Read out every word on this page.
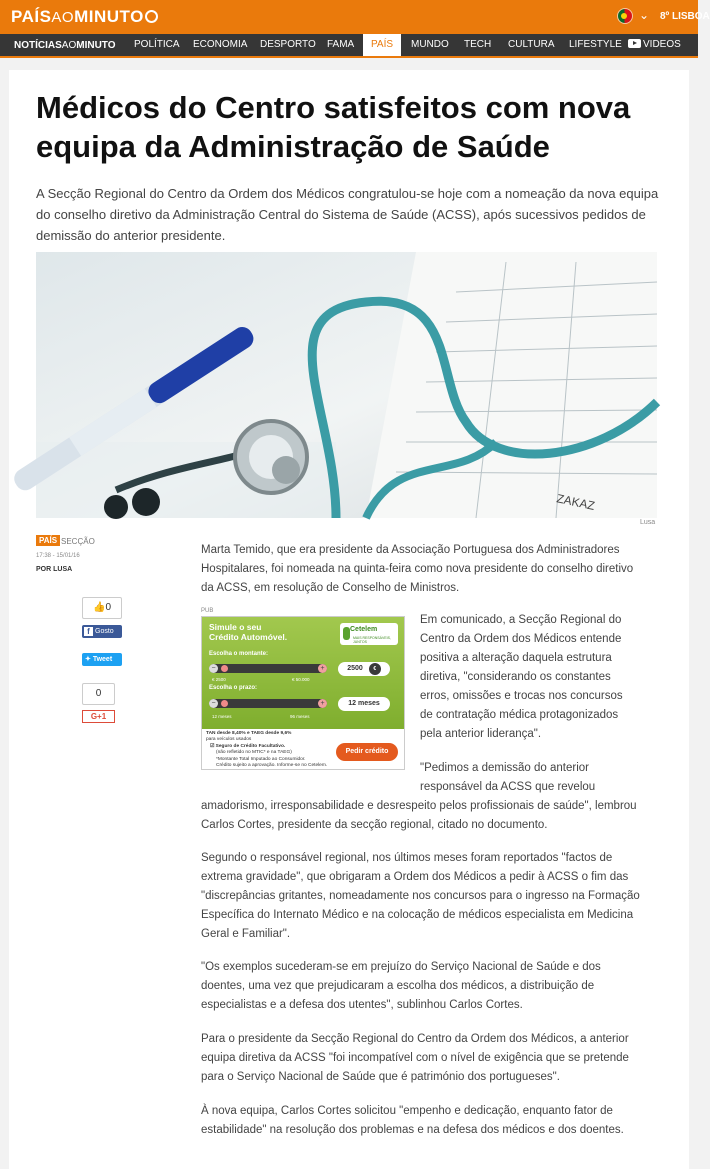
PAÍSAOMINUTO	⌄ 8º LISBOA
NOTÍCIASAOMINUTO POLÍTICA ECONOMIA DESPORTO FAMA	PAÍS	MUNDO TECH CULTURA LIFESTYLE	VIDEOS
Médicos do Centro satisfeitos com nova equipa da Administração de Saúde

A Secção Regional do Centro da Ordem dos Médicos congratulou-se hoje com a nomeação da nova equipa do conselho diretivo da Administração Central do Sistema de Saúde (ACSS), após sucessivos pedidos de demissão do anterior presidente.

ZAKAZ
Lusa
PAÍS SECÇÃO
17:38 - 15/01/16
POR LUSA
👍0
f Gosto
✦ Tweet
0
G+1

Marta Temido, que era presidente da Associação Portuguesa dos Administradores Hospitalares, foi nomeada na quinta-feira como nova presidente do conselho diretivo da ACSS, em resolução de Conselho de Ministros.

PUB
Simule o seu
Crédito Automóvel.
Cetelem
MAIS RESPONSÁVEIS, JUNTOS
Escolha o montante:
−	+	2500 €
€ 2500	€ 50.000
Escolha o prazo:
−	+	12 meses
12 meses	96 meses
TAN desde 8,40% e TAEG desde 9,6%
para veículos usados
☑ Seguro de Crédito Facultativo.
(não refletido no MTIC* e na TAEG)
*Montante Total Imputado ao Consumidor.
Crédito sujeito a aprovação. Informe-se no Cetelem.
Pedir crédito

Em comunicado, a Secção Regional do Centro da Ordem dos Médicos entende positiva a alteração daquela estrutura diretiva, "considerando os constantes erros, omissões e trocas nos concursos de contratação médica protagonizados pela anterior liderança".

"Pedimos a demissão do anterior responsável da ACSS que revelou

amadorismo, irresponsabilidade e desrespeito pelos profissionais de saúde", lembrou Carlos Cortes, presidente da secção regional, citado no documento.

Segundo o responsável regional, nos últimos meses foram reportados "factos de extrema gravidade", que obrigaram a Ordem dos Médicos a pedir à ACSS o fim das "discrepâncias gritantes, nomeadamente nos concursos para o ingresso na Formação Específica do Internato Médico e na colocação de médicos especialista em Medicina Geral e Familiar".

"Os exemplos sucederam-se em prejuízo do Serviço Nacional de Saúde e dos doentes, uma vez que prejudicaram a escolha dos médicos, a distribuição de especialistas e a defesa dos utentes", sublinhou Carlos Cortes.

Para o presidente da Secção Regional do Centro da Ordem dos Médicos, a anterior equipa diretiva da ACSS "foi incompatível com o nível de exigência que se pretende para o Serviço Nacional de Saúde que é património dos portugueses".

À nova equipa, Carlos Cortes solicitou "empenho e dedicação, enquanto fator de estabilidade" na resolução dos problemas e na defesa dos médicos e dos doentes.
